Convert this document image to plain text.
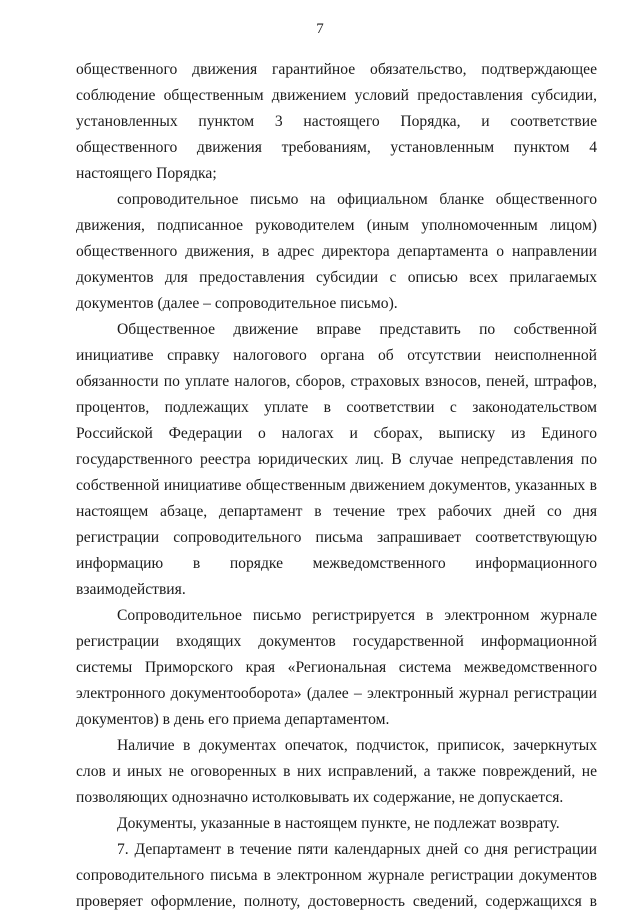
7

общественного движения гарантийное обязательство, подтверждающее соблюдение общественным движением условий предоставления субсидии, установленных пунктом 3 настоящего Порядка, и соответствие общественного движения требованиям, установленным пунктом 4 настоящего Порядка;

сопроводительное письмо на официальном бланке общественного движения, подписанное руководителем (иным уполномоченным лицом) общественного движения, в адрес директора департамента о направлении документов для предоставления субсидии с описью всех прилагаемых документов (далее – сопроводительное письмо).

Общественное движение вправе представить по собственной инициативе справку налогового органа об отсутствии неисполненной обязанности по уплате налогов, сборов, страховых взносов, пеней, штрафов, процентов, подлежащих уплате в соответствии с законодательством Российской Федерации о налогах и сборах, выписку из Единого государственного реестра юридических лиц. В случае непредставления по собственной инициативе общественным движением документов, указанных в настоящем абзаце, департамент в течение трех рабочих дней со дня регистрации сопроводительного письма запрашивает соответствующую информацию в порядке межведомственного информационного взаимодействия.

Сопроводительное письмо регистрируется в электронном журнале регистрации входящих документов государственной информационной системы Приморского края «Региональная система межведомственного электронного документооборота» (далее – электронный журнал регистрации документов) в день его приема департаментом.

Наличие в документах опечаток, подчисток, приписок, зачеркнутых слов и иных не оговоренных в них исправлений, а также повреждений, не позволяющих однозначно истолковывать их содержание, не допускается.

Документы, указанные в настоящем пункте, не подлежат возврату.

7. Департамент в течение пяти календарных дней со дня регистрации сопроводительного письма в электронном журнале регистрации документов проверяет оформление, полноту, достоверность сведений, содержащихся в
